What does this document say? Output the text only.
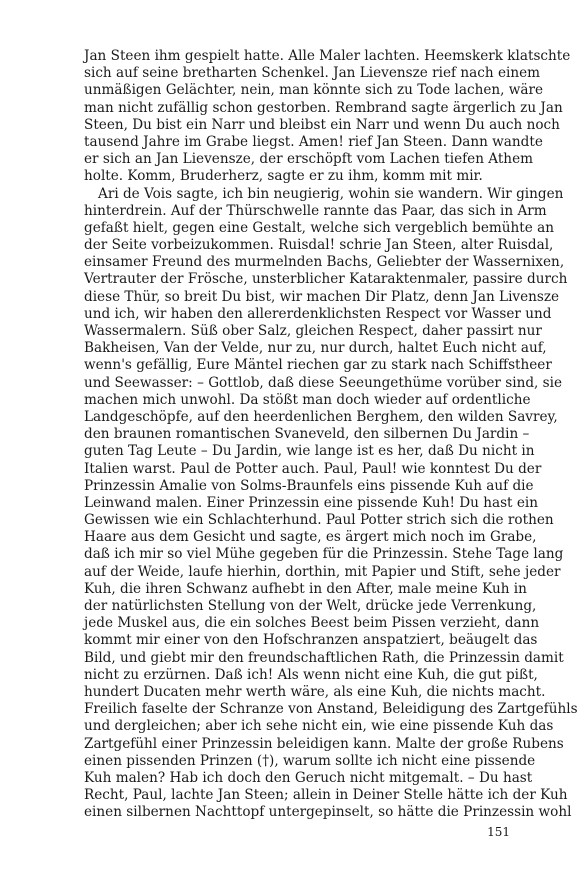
Jan Steen ihm gespielt hatte. Alle Maler lachten. Heemskerk klatschte
sich auf seine bretharten Schenkel. Jan Lievensze rief nach einem
unmäßigen Gelächter, nein, man könnte sich zu Tode lachen, wäre
man nicht zufällig schon gestorben. Rembrand sagte ärgerlich zu Jan
Steen, Du bist ein Narr und bleibst ein Narr und wenn Du auch noch
tausend Jahre im Grabe liegst. Amen! rief Jan Steen. Dann wandte
er sich an Jan Lievensze, der erschöpft vom Lachen tiefen Athem
holte. Komm, Bruderherz, sagte er zu ihm, komm mit mir.
Ari de Vois sagte, ich bin neugierig, wohin sie wandern. Wir gingen
hinterdrein. Auf der Thürschwelle rannte das Paar, das sich in Arm
gefaßt hielt, gegen eine Gestalt, welche sich vergeblich bemühte an
der Seite vorbeizukommen. Ruisdal! schrie Jan Steen, alter Ruisdal,
einsamer Freund des murmelnden Bachs, Geliebter der Wassernixen,
Vertrauter der Frösche, unsterblicher Kataraktenmaler, passire durch
diese Thür, so breit Du bist, wir machen Dir Platz, denn Jan Livensze
und ich, wir haben den allererdenklichsten Respect vor Wasser und
Wassermalern. Süß ober Salz, gleichen Respect, daher passirt nur
Bakheisen, Van der Velde, nur zu, nur durch, haltet Euch nicht auf,
wenn's gefällig, Eure Mäntel riechen gar zu stark nach Schiffstheer
und Seewasser: – Gottlob, daß diese Seeungethüme vorüber sind, sie
machen mich unwohl. Da stößt man doch wieder auf ordentliche
Landgeschöpfe, auf den heerdenlichen Berghem, den wilden Savrey,
den braunen romantischen Svaneveld, den silbernen Du Jardin –
guten Tag Leute – Du Jardin, wie lange ist es her, daß Du nicht in
Italien warst. Paul de Potter auch. Paul, Paul! wie konntest Du der
Prinzessin Amalie von Solms-Braunfels eins pissende Kuh auf die
Leinwand malen. Einer Prinzessin eine pissende Kuh! Du hast ein
Gewissen wie ein Schlachterhund. Paul Potter strich sich die rothen
Haare aus dem Gesicht und sagte, es ärgert mich noch im Grabe,
daß ich mir so viel Mühe gegeben für die Prinzessin. Stehe Tage lang
auf der Weide, laufe hierhin, dorthin, mit Papier und Stift, sehe jeder
Kuh, die ihren Schwanz aufhebt in den After, male meine Kuh in
der natürlichsten Stellung von der Welt, drücke jede Verrenkung,
jede Muskel aus, die ein solches Beest beim Pissen verzieht, dann
kommt mir einer von den Hofschranzen anspatziert, beäugelt das
Bild, und giebt mir den freundschaftlichen Rath, die Prinzessin damit
nicht zu erzürnen. Daß ich! Als wenn nicht eine Kuh, die gut pißt,
hundert Ducaten mehr werth wäre, als eine Kuh, die nichts macht.
Freilich faselte der Schranze von Anstand, Beleidigung des Zartgefühls
und dergleichen; aber ich sehe nicht ein, wie eine pissende Kuh das
Zartgefühl einer Prinzessin beleidigen kann. Malte der große Rubens
einen pissenden Prinzen (†), warum sollte ich nicht eine pissende
Kuh malen? Hab ich doch den Geruch nicht mitgemalt. – Du hast
Recht, Paul, lachte Jan Steen; allein in Deiner Stelle hätte ich der Kuh
einen silbernen Nachttopf untergepinselt, so hätte die Prinzessin wohl
151
